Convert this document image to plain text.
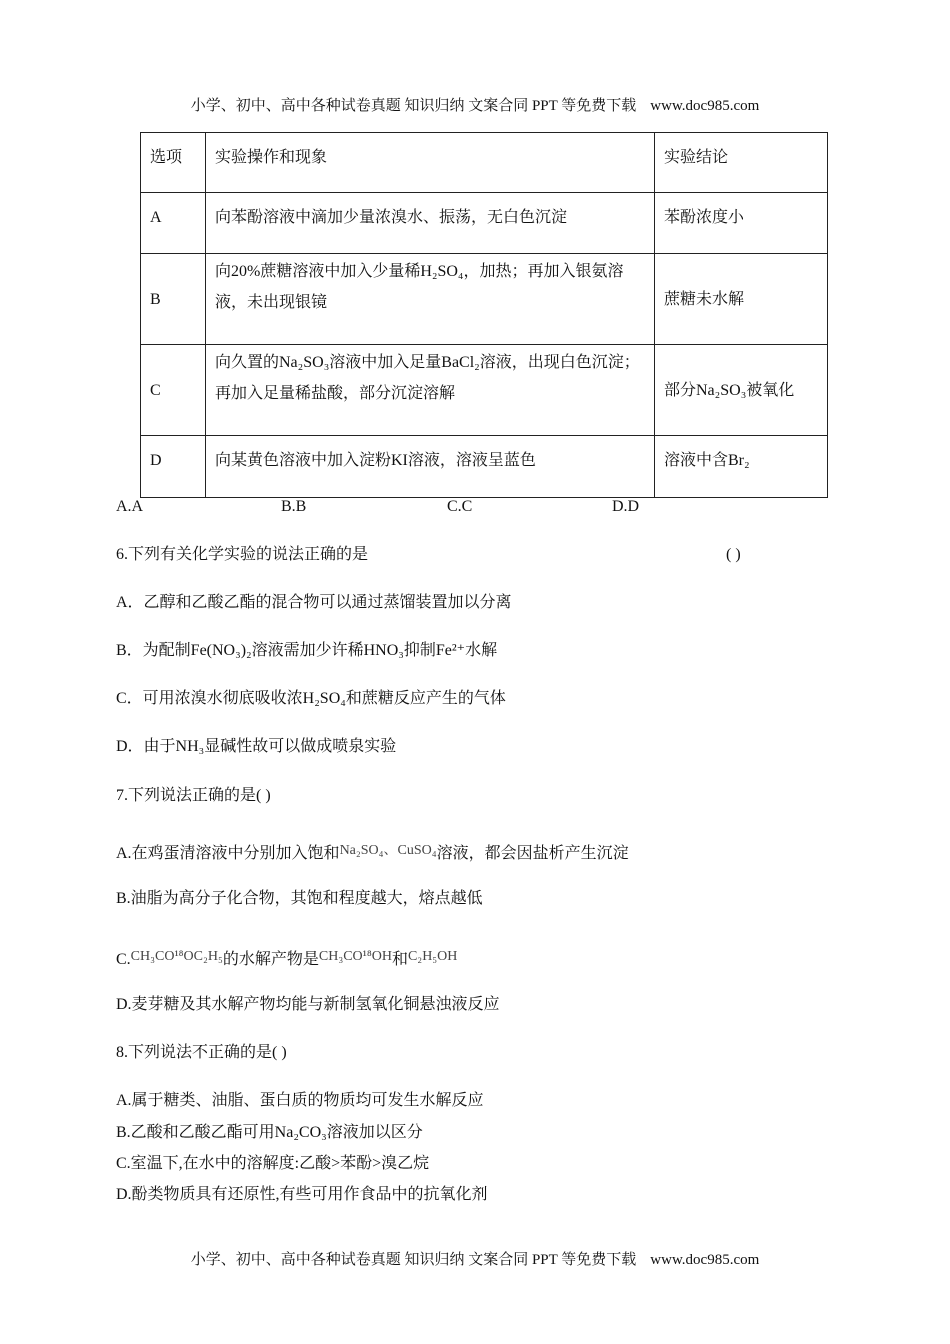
小学、初中、高中各种试卷真题 知识归纳 文案合同 PPT 等免费下载 www.doc985.com
选项	实验操作和现象	实验结论
A	向苯酚溶液中滴加少量浓溴水、振荡，无白色沉淀	苯酚浓度小
B	向20%蔗糖溶液中加入少量稀H₂SO₄，加热；再加入银氨溶液，未出现银镜	蔗糖未水解
C	向久置的Na₂SO₃溶液中加入足量BaCl₂溶液，出现白色沉淀；再加入足量稀盐酸，部分沉淀溶解	部分Na₂SO₃被氧化
D	向某黄色溶液中加入淀粉KI溶液，溶液呈蓝色	溶液中含Br₂
A.A	B.B	C.C	D.D
6.下列有关化学实验的说法正确的是	( )
A．乙醇和乙酸乙酯的混合物可以通过蒸馏装置加以分离
B．为配制Fe(NO₃)₂溶液需加少许稀HNO₃抑制Fe²⁺水解
C．可用浓溴水彻底吸收浓H₂SO₄和蔗糖反应产生的气体
D．由于NH₃显碱性故可以做成喷泉实验
7.下列说法正确的是( )
A.在鸡蛋清溶液中分别加入饱和Na₂SO₄、CuSO₄溶液，都会因盐析产生沉淀
B.油脂为高分子化合物，其饱和程度越大，熔点越低
C.CH₃CO¹⁸OC₂H₅的水解产物是CH₃CO¹⁸OH和C₂H₅OH
D.麦芽糖及其水解产物均能与新制氢氧化铜悬浊液反应
8.下列说法不正确的是( )
A.属于糖类、油脂、蛋白质的物质均可发生水解反应
B.乙酸和乙酸乙酯可用Na₂CO₃溶液加以区分
C.室温下,在水中的溶解度:乙酸>苯酚>溴乙烷
D.酚类物质具有还原性,有些可用作食品中的抗氧化剂
小学、初中、高中各种试卷真题 知识归纳 文案合同 PPT 等免费下载 www.doc985.com
